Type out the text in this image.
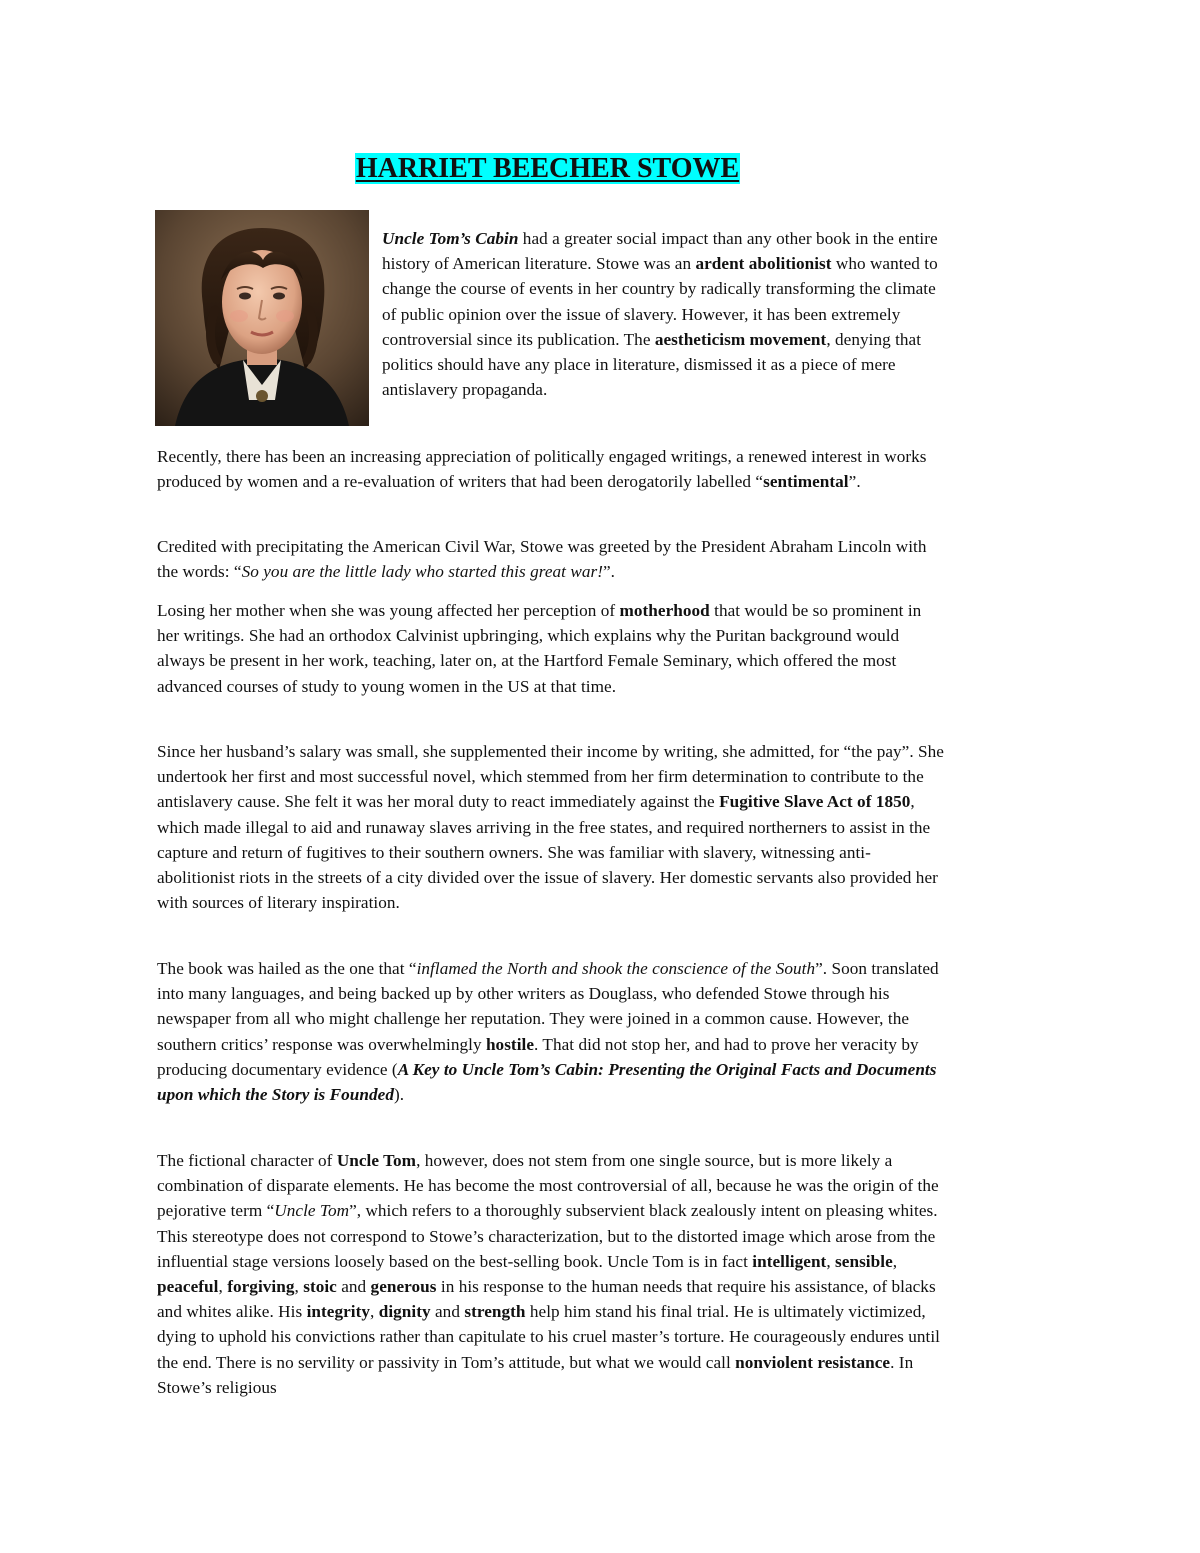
HARRIET BEECHER STOWE

Uncle Tom’s Cabin had a greater social impact than any other book in the entire history of American literature. Stowe was an ardent abolitionist who wanted to change the course of events in her country by radically transforming the climate of public opinion over the issue of slavery. However, it has been extremely controversial since its publication. The aestheticism movement, denying that politics should have any place in literature, dismissed it as a piece of mere antislavery propaganda.

Recently, there has been an increasing appreciation of politically engaged writings, a renewed interest in works produced by women and a re-evaluation of writers that had been derogatorily labelled “sentimental”.

Credited with precipitating the American Civil War, Stowe was greeted by the President Abraham Lincoln with the words: “So you are the little lady who started this great war!”.

Losing her mother when she was young affected her perception of motherhood that would be so prominent in her writings. She had an orthodox Calvinist upbringing, which explains why the Puritan background would always be present in her work, teaching, later on, at the Hartford Female Seminary, which offered the most advanced courses of study to young women in the US at that time.

Since her husband’s salary was small, she supplemented their income by writing, she admitted, for “the pay”. She undertook her first and most successful novel, which stemmed from her firm determination to contribute to the antislavery cause. She felt it was her moral duty to react immediately against the Fugitive Slave Act of 1850, which made illegal to aid and runaway slaves arriving in the free states, and required northerners to assist in the capture and return of fugitives to their southern owners. She was familiar with slavery, witnessing anti-abolitionist riots in the streets of a city divided over the issue of slavery. Her domestic servants also provided her with sources of literary inspiration.

The book was hailed as the one that “inflamed the North and shook the conscience of the South”. Soon translated into many languages, and being backed up by other writers as Douglass, who defended Stowe through his newspaper from all who might challenge her reputation. They were joined in a common cause. However, the southern critics’ response was overwhelmingly hostile. That did not stop her, and had to prove her veracity by producing documentary evidence (A Key to Uncle Tom’s Cabin: Presenting the Original Facts and Documents upon which the Story is Founded).

The fictional character of Uncle Tom, however, does not stem from one single source, but is more likely a combination of disparate elements. He has become the most controversial of all, because he was the origin of the pejorative term “Uncle Tom”, which refers to a thoroughly subservient black zealously intent on pleasing whites. This stereotype does not correspond to Stowe’s characterization, but to the distorted image which arose from the influential stage versions loosely based on the best-selling book. Uncle Tom is in fact intelligent, sensible, peaceful, forgiving, stoic and generous in his response to the human needs that require his assistance, of blacks and whites alike. His integrity, dignity and strength help him stand his final trial. He is ultimately victimized, dying to uphold his convictions rather than capitulate to his cruel master’s torture. He courageously endures until the end. There is no servility or passivity in Tom’s attitude, but what we would call nonviolent resistance. In Stowe’s religious
